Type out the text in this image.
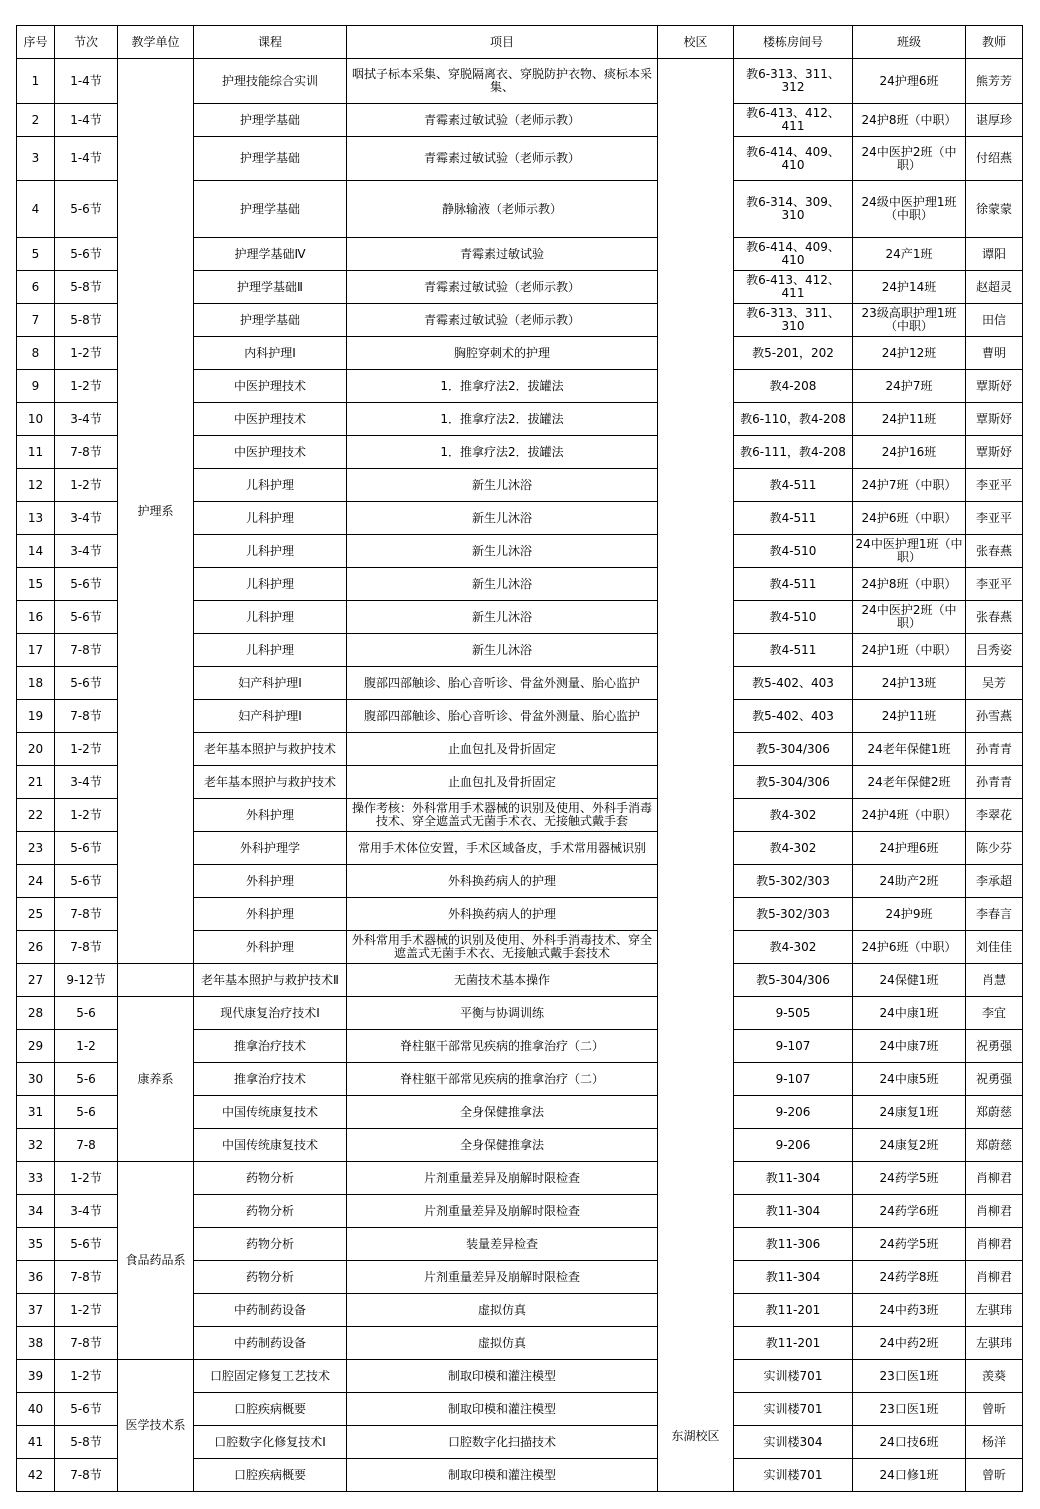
序号	节次	教学单位	课程	项目	校区	楼栋房间号	班级	教师
1	1-4节	护理系	护理技能综合实训	咽拭子标本采集、穿脱隔离衣、穿脱防护衣物、痰标本采集、	东湖校区	教6-313、311、312	24护理6班	熊芳芳
2	1-4节		护理学基础	青霉素过敏试验（老师示教）		教6-413、412、411	24护8班（中职）	谌厚珍
3	1-4节		护理学基础	青霉素过敏试验（老师示教）		教6-414、409、410	24中医护2班（中职）	付绍燕
4	5-6节		护理学基础	静脉输液（老师示教）		教6-314、309、310	24级中医护理1班（中职）	徐蒙蒙
5	5-6节		护理学基础Ⅳ	青霉素过敏试验		教6-414、409、410	24产1班	谭阳
6	5-8节		护理学基础Ⅱ	青霉素过敏试验（老师示教）		教6-413、412、411	24护14班	赵超灵
7	5-8节		护理学基础	青霉素过敏试验（老师示教）		教6-313、311、310	23级高职护理1班（中职）	田信
8	1-2节		内科护理Ⅰ	胸腔穿刺术的护理		教5-201，202	24护12班	曹明
9	1-2节		中医护理技术	1．推拿疗法2．拔罐法		教4-208	24护7班	覃斯妤
10	3-4节		中医护理技术	1．推拿疗法2．拔罐法		教6-110，教4-208	24护11班	覃斯妤
11	7-8节		中医护理技术	1．推拿疗法2．拔罐法		教6-111，教4-208	24护16班	覃斯妤
12	1-2节		儿科护理	新生儿沐浴		教4-511	24护7班（中职）	李亚平
13	3-4节		儿科护理	新生儿沐浴		教4-511	24护6班（中职）	李亚平
14	3-4节		儿科护理	新生儿沐浴		教4-510	24中医护理1班（中职）	张春燕
15	5-6节		儿科护理	新生儿沐浴		教4-511	24护8班（中职）	李亚平
16	5-6节		儿科护理	新生儿沐浴		教4-510	24中医护2班（中职）	张春燕
17	7-8节		儿科护理	新生儿沐浴		教4-511	24护1班（中职）	吕秀姿
18	5-6节		妇产科护理Ⅰ	腹部四部触诊、胎心音听诊、骨盆外测量、胎心监护		教5-402、403	24护13班	吴芳
19	7-8节		妇产科护理Ⅰ	腹部四部触诊、胎心音听诊、骨盆外测量、胎心监护		教5-402、403	24护11班	孙雪燕
20	1-2节		老年基本照护与救护技术	止血包扎及骨折固定		教5-304/306	24老年保健1班	孙青青
21	3-4节		老年基本照护与救护技术	止血包扎及骨折固定		教5-304/306	24老年保健2班	孙青青
22	1-2节		外科护理	操作考核：外科常用手术器械的识别及使用、外科手消毒技术、穿全遮盖式无菌手术衣、无接触式戴手套		教4-302	24护4班（中职）	李翠花
23	5-6节		外科护理学	常用手术体位安置，手术区域备皮，手术常用器械识别		教4-302	24护理6班	陈少芬
24	5-6节		外科护理	外科换药病人的护理		教5-302/303	24助产2班	李承超
25	7-8节		外科护理	外科换药病人的护理		教5-302/303	24护9班	李春言
26	7-8节		外科护理	外科常用手术器械的识别及使用、外科手消毒技术、穿全遮盖式无菌手术衣、无接触式戴手套技术		教4-302	24护6班（中职）	刘佳佳
27	9-12节		老年基本照护与救护技术Ⅱ	无菌技术基本操作		教5-304/306	24保健1班	肖慧
28	5-6	康养系	现代康复治疗技术Ⅰ	平衡与协调训练		9-505	24中康1班	李宜
29	1-2		推拿治疗技术	脊柱躯干部常见疾病的推拿治疗（二）		9-107	24中康7班	祝勇强
30	5-6		推拿治疗技术	脊柱躯干部常见疾病的推拿治疗（二）		9-107	24中康5班	祝勇强
31	5-6		中国传统康复技术	全身保健推拿法		9-206	24康复1班	郑蔚慈
32	7-8		中国传统康复技术	全身保健推拿法		9-206	24康复2班	郑蔚慈
33	1-2节	食品药品系	药物分析	片剂重量差异及崩解时限检查		教11-304	24药学5班	肖柳君
34	3-4节		药物分析	片剂重量差异及崩解时限检查		教11-304	24药学6班	肖柳君
35	5-6节		药物分析	装量差异检查		教11-306	24药学5班	肖柳君
36	7-8节		药物分析	片剂重量差异及崩解时限检查		教11-304	24药学8班	肖柳君
37	1-2节		中药制药设备	虚拟仿真		教11-201	24中药3班	左骐玮
38	7-8节		中药制药设备	虚拟仿真		教11-201	24中药2班	左骐玮
39	1-2节	医学技术系	口腔固定修复工艺技术	制取印模和灌注模型		实训楼701	23口医1班	羡葵
40	5-6节		口腔疾病概要	制取印模和灌注模型		实训楼701	23口医1班	曾昕
41	5-8节		口腔数字化修复技术Ⅰ	口腔数字化扫描技术		实训楼304	24口技6班	杨洋
42	7-8节		口腔疾病概要	制取印模和灌注模型		实训楼701	24口修1班	曾昕
